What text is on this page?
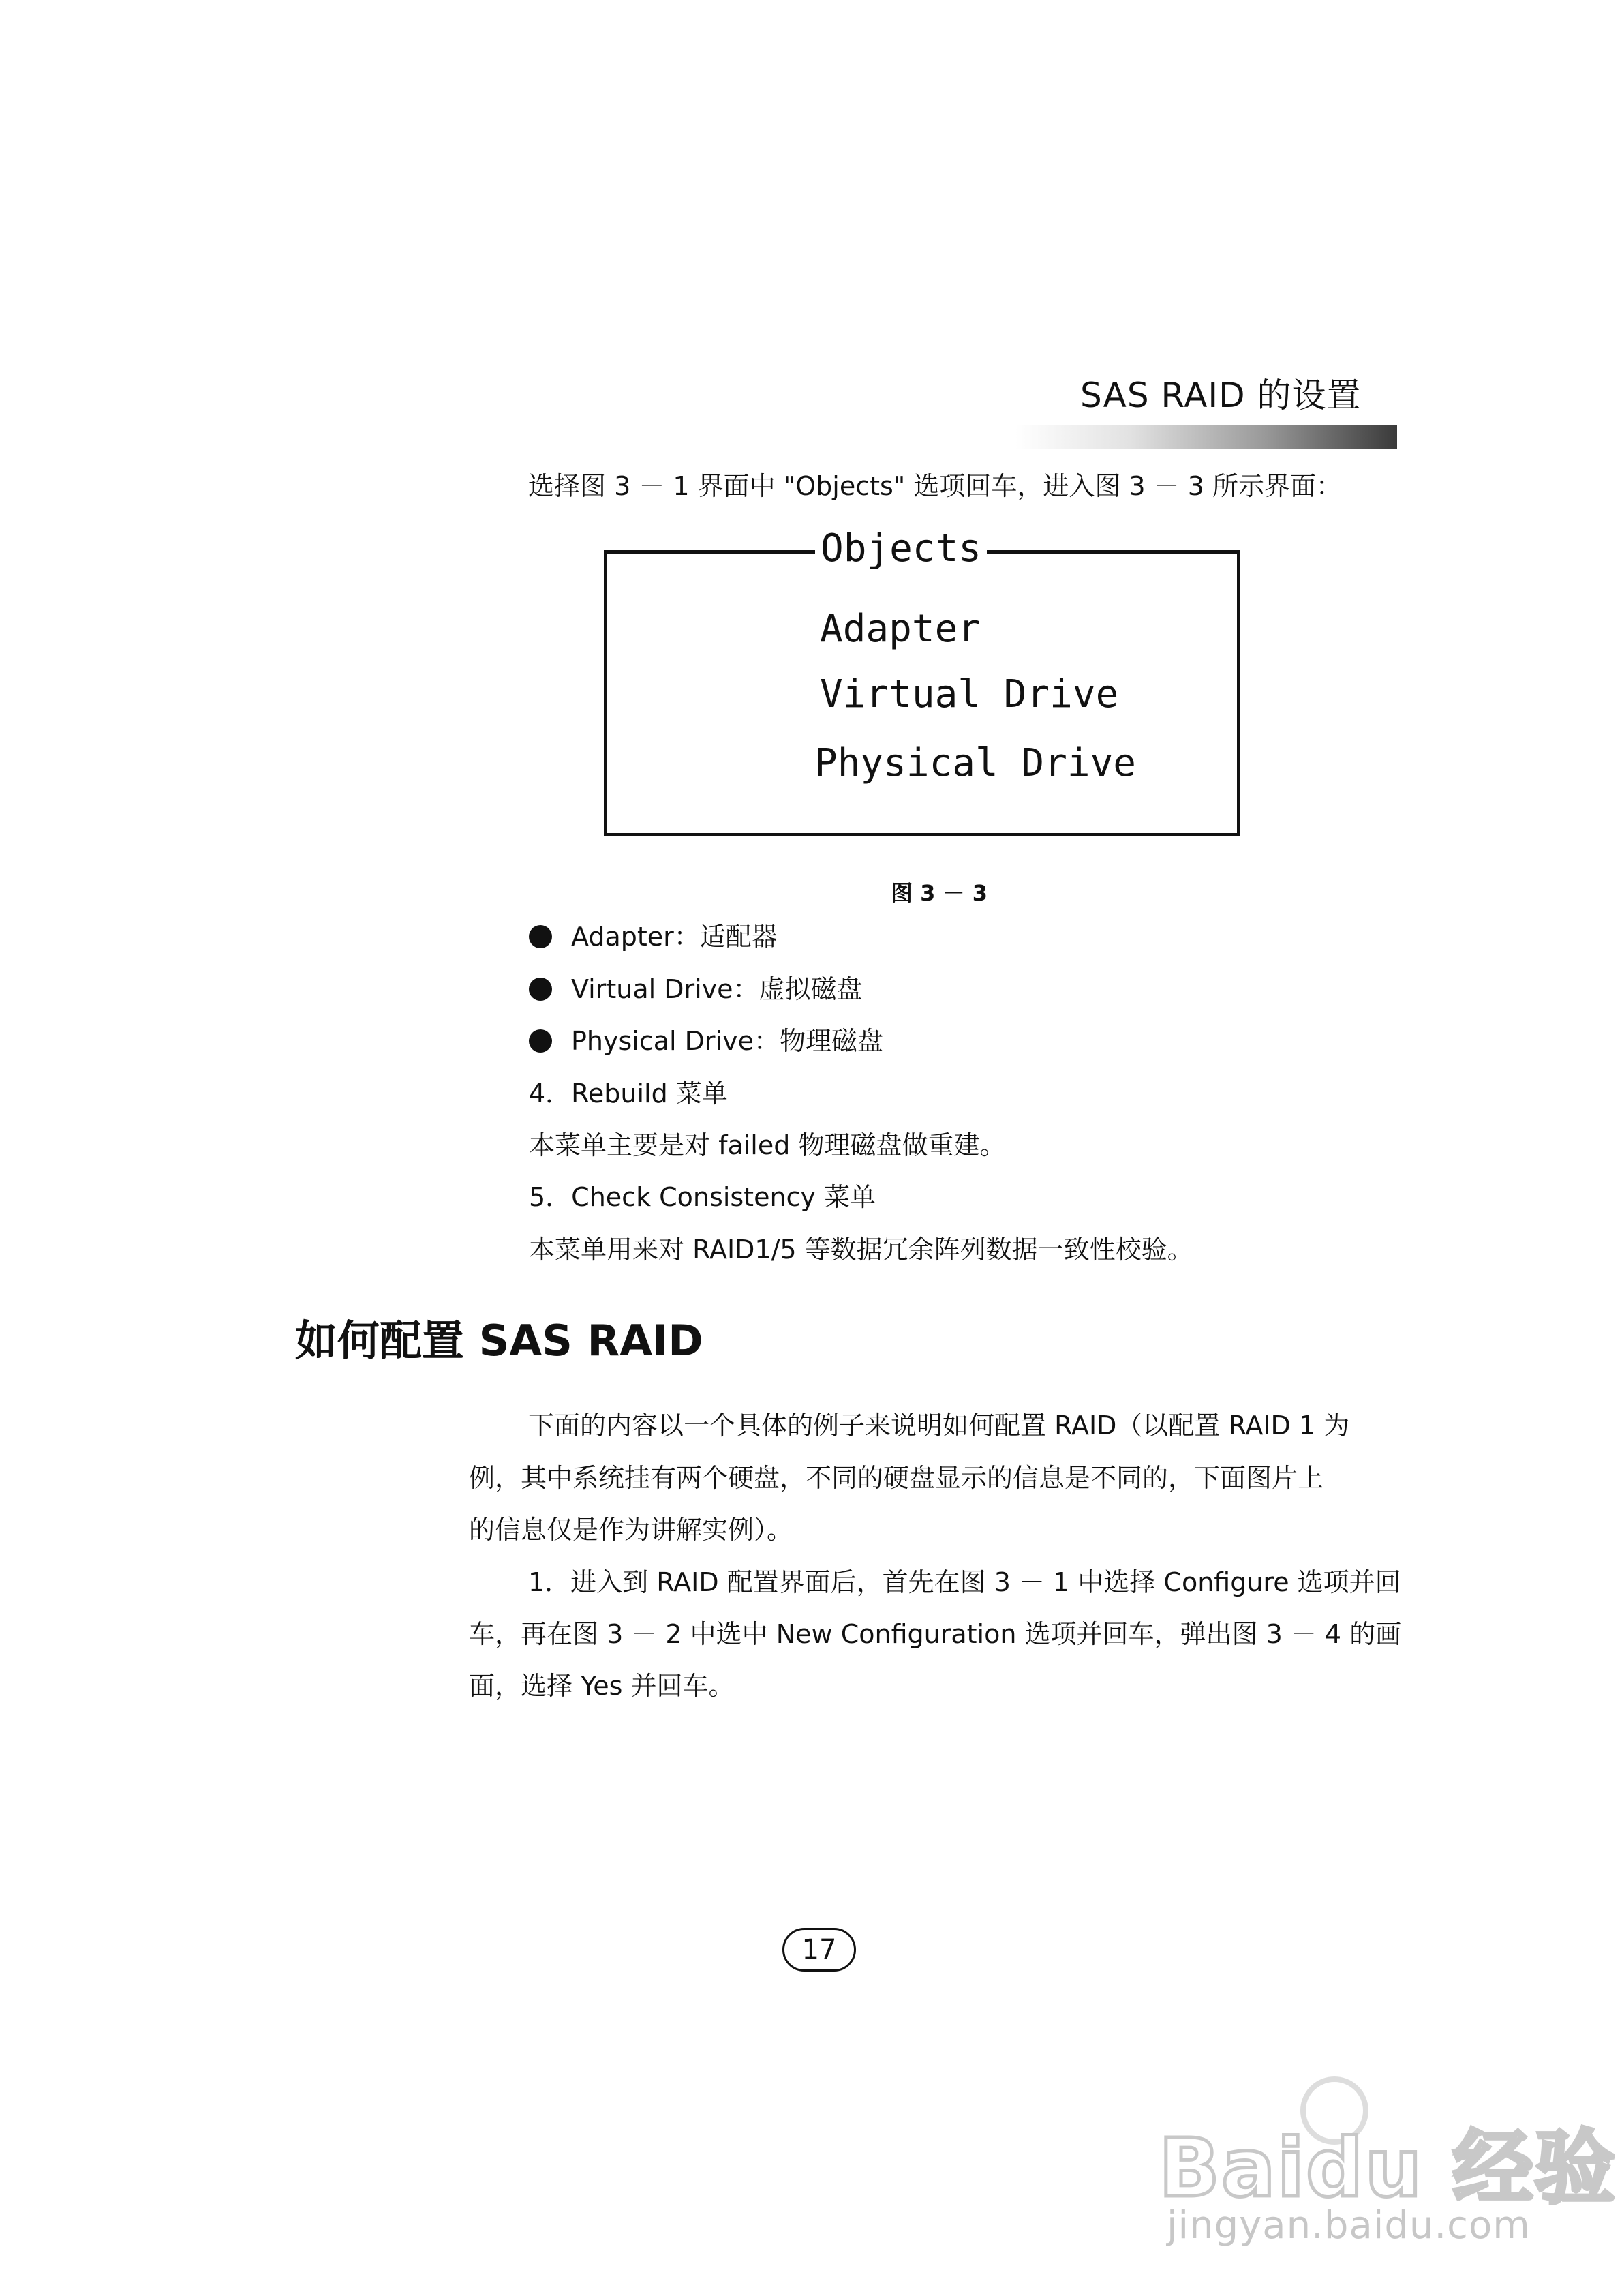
SAS RAID 的设置
选择图 3 － 1 界面中 "Objects" 选项回车，进入图 3 － 3 所示界面：
Objects
Adapter
Virtual Drive
Physical Drive
图 3 － 3
Adapter：适配器
Virtual Drive：虚拟磁盘
Physical Drive：物理磁盘
4．Rebuild 菜单
本菜单主要是对 failed 物理磁盘做重建。
5．Check Consistency 菜单
本菜单用来对 RAID1/5 等数据冗余阵列数据一致性校验。
如何配置 SAS RAID
下面的内容以一个具体的例子来说明如何配置 RAID（以配置 RAID 1 为
例，其中系统挂有两个硬盘，不同的硬盘显示的信息是不同的，下面图片上
的信息仅是作为讲解实例）。
1．进入到 RAID 配置界面后，首先在图 3 － 1 中选择 Configure 选项并回
车，再在图 3 － 2 中选中 New Configuration 选项并回车，弹出图 3 － 4 的画
面，选择 Yes 并回车。
17
Baidu 经验
jingyan.baidu.com
